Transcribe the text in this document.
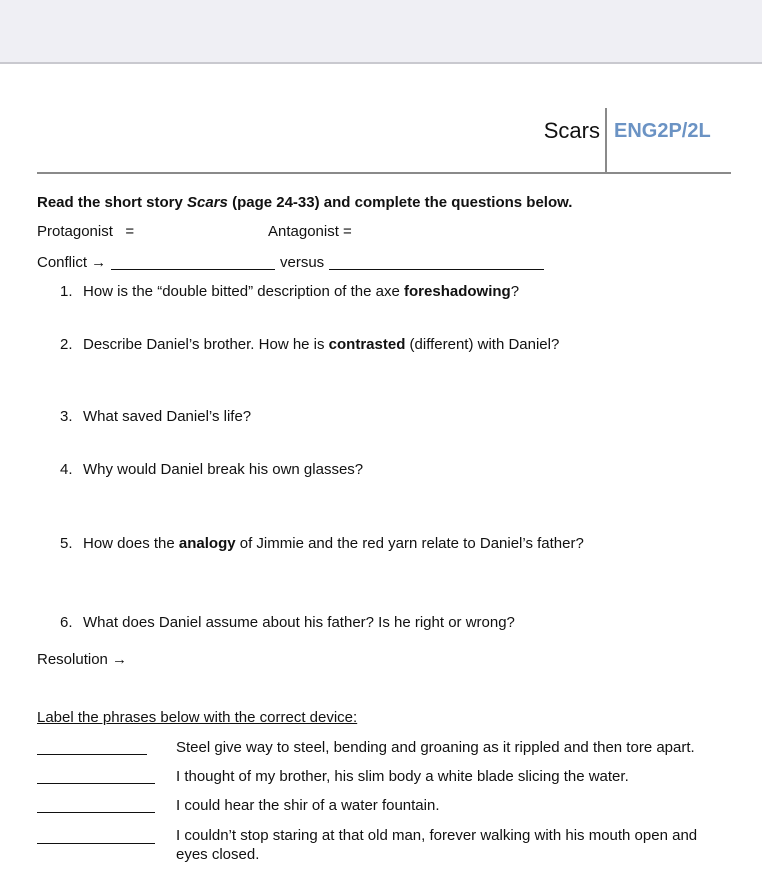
Scars ENG2P/2L
Read the short story Scars (page 24-33) and complete the questions below.
Protagonist   =	Antagonist =
Conflict →	versus
1. How is the “double bitted” description of the axe foreshadowing?
2. Describe Daniel’s brother. How he is contrasted (different) with Daniel?
3. What saved Daniel’s life?
4. Why would Daniel break his own glasses?
5. How does the analogy of Jimmie and the red yarn relate to Daniel’s father?
6. What does Daniel assume about his father? Is he right or wrong?
Resolution →
Label the phrases below with the correct device:
Steel give way to steel, bending and groaning as it rippled and then tore apart.
I thought of my brother, his slim body a white blade slicing the water.
I could hear the shir of a water fountain.
I couldn’t stop staring at that old man, forever walking with his mouth open and eyes closed.
